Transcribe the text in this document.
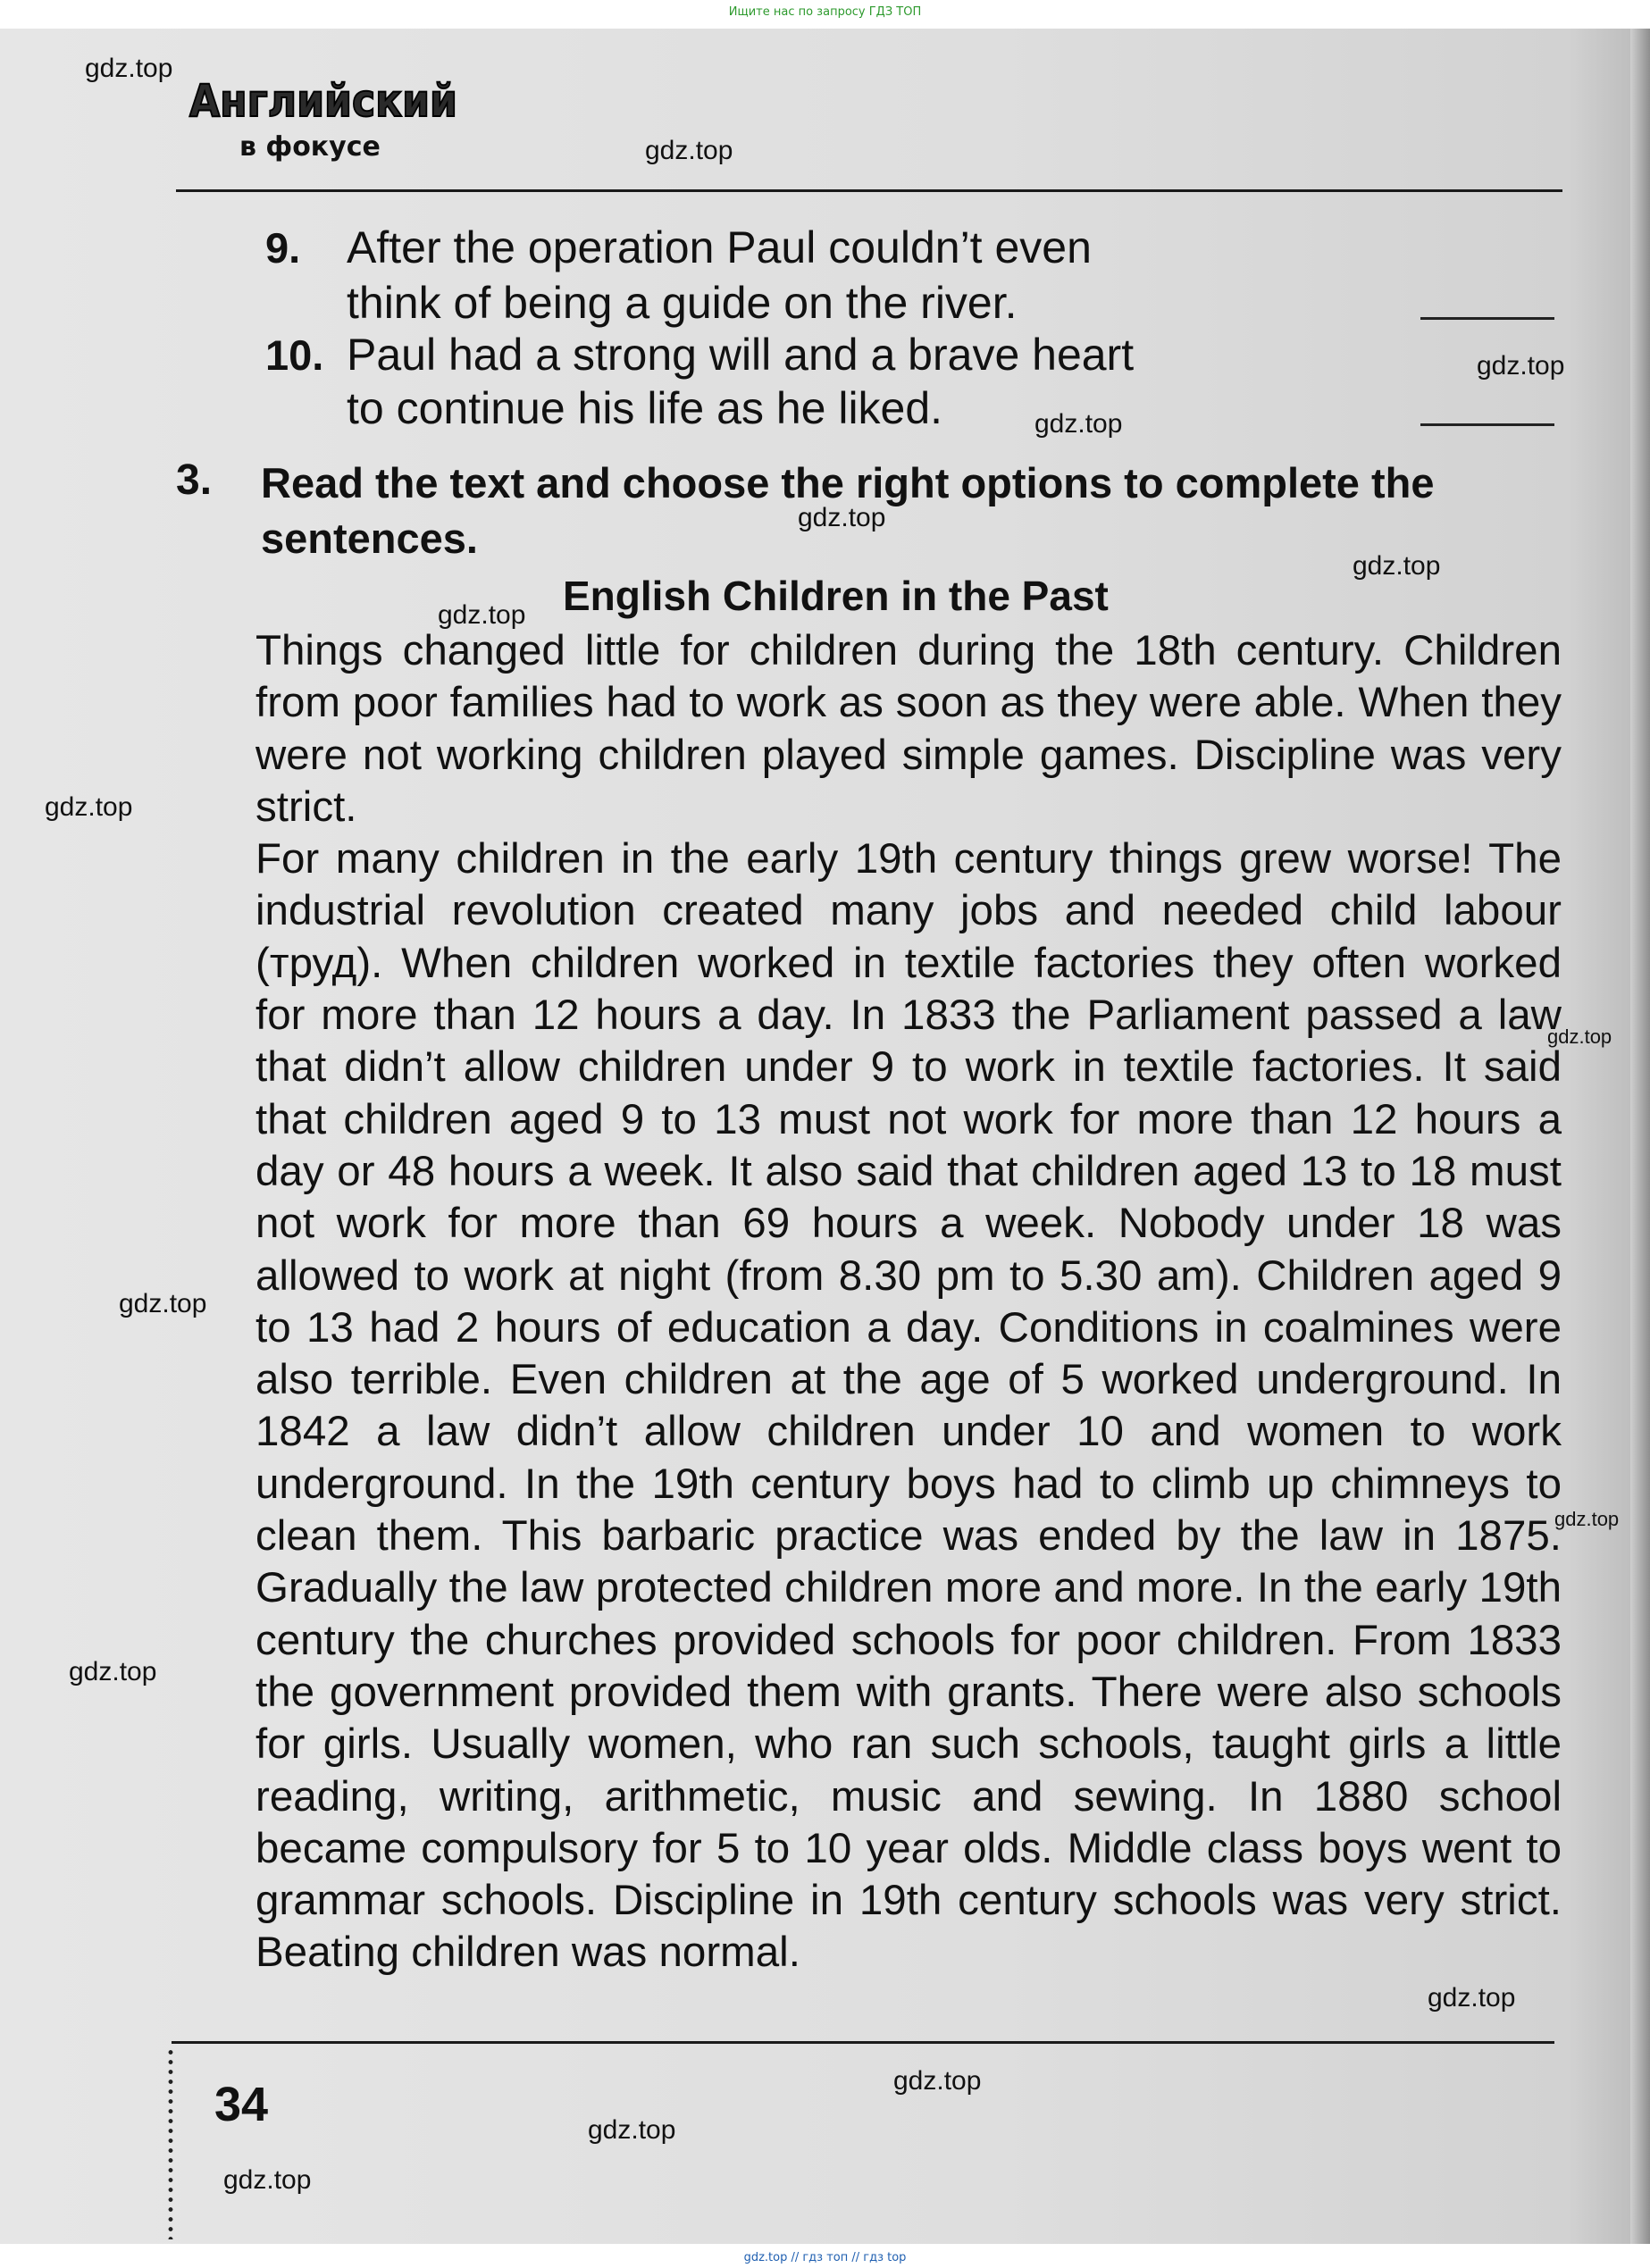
Ищите нас по запросу ГДЗ ТОП
Английский
в фокусе
9. After the operation Paul couldn’t even
think of being a guide on the river.
10. Paul had a strong will and a brave heart
to continue his life as he liked.
3. Read the text and choose the right options to complete the sentences.
English Children in the Past

Things changed little for children during the 18th century. Children from poor families had to work as soon as they were able. When they were not working children played simple games. Discipline was very strict.

For many children in the early 19th century things grew worse! The industrial revolution created many jobs and needed child labour (труд). When children worked in textile factories they often worked for more than 12 hours a day. In 1833 the Parliament passed a law that didn’t allow children under 9 to work in textile factories. It said that children aged 9 to 13 must not work for more than 12 hours a day or 48 hours a week. It also said that children aged 13 to 18 must not work for more than 69 hours a week. Nobody under 18 was allowed to work at night (from 8.30 pm to 5.30 am). Children aged 9 to 13 had 2 hours of education a day. Conditions in coalmines were also terrible. Even children at the age of 5 worked underground. In 1842 a law didn’t allow children under 10 and women to work underground. In the 19th century boys had to climb up chimneys to clean them. This barbaric practice was ended by the law in 1875. Gradually the law protected children more and more. In the early 19th century the churches provided schools for poor children. From 1833 the government provided them with grants. There were also schools for girls. Usually women, who ran such schools, taught girls a little reading, writing, arithmetic, music and sewing. In 1880 school became compulsory for 5 to 10 year olds. Middle class boys went to grammar schools. Discipline in 19th century schools was very strict. Beating children was normal.

34
gdz.top
gdz.top
gdz.top
gdz.top
gdz.top
gdz.top
gdz.top
gdz.top
gdz.top
gdz.top
gdz.top
gdz.top
gdz.top
gdz.top
gdz.top
gdz.top
gdz.top // гдз топ // гдз top
